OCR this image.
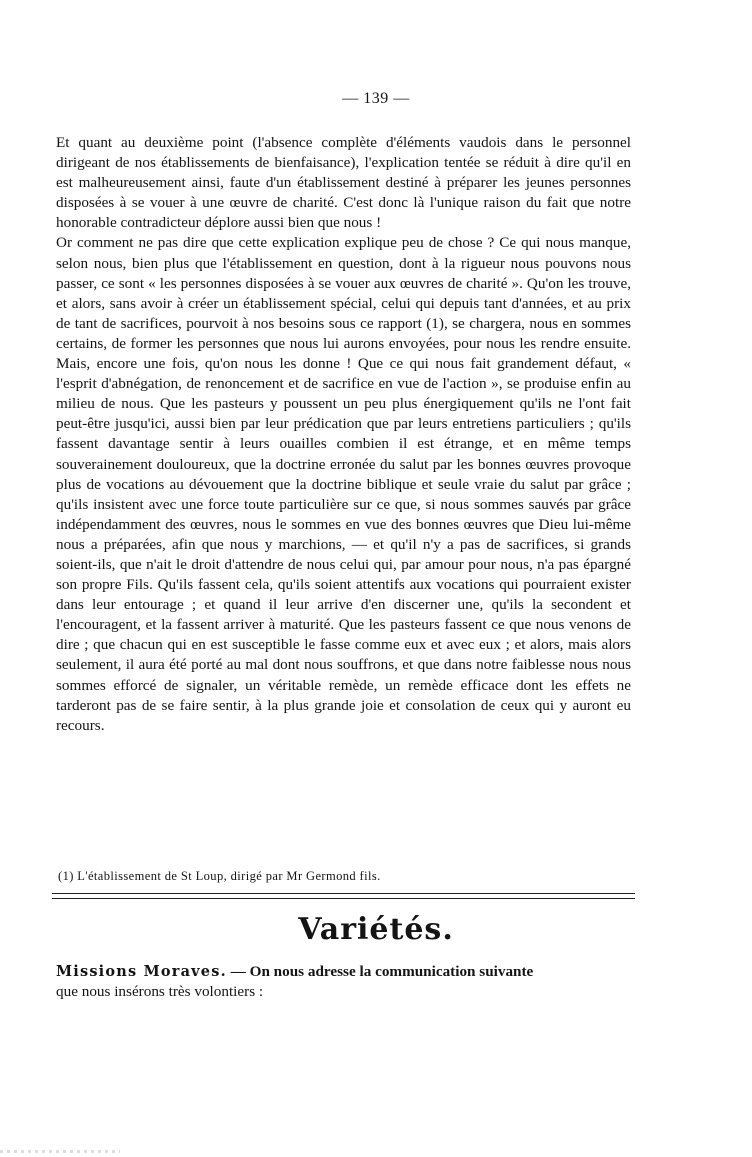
— 139 —

Et quant au deuxième point (l'absence complète d'éléments vaudois dans le personnel dirigeant de nos établissements de bienfaisance), l'explication tentée se réduit à dire qu'il en est malheureusement ainsi, faute d'un établissement destiné à préparer les jeunes personnes disposées à se vouer à une œuvre de charité. C'est donc là l'unique raison du fait que notre honorable contradicteur déplore aussi bien que nous !

Or comment ne pas dire que cette explication explique peu de chose ? Ce qui nous manque, selon nous, bien plus que l'établissement en question, dont à la rigueur nous pouvons nous passer, ce sont « les personnes disposées à se vouer aux œuvres de charité ». Qu'on les trouve, et alors, sans avoir à créer un établissement spécial, celui qui depuis tant d'années, et au prix de tant de sacrifices, pourvoit à nos besoins sous ce rapport (1), se chargera, nous en sommes certains, de former les personnes que nous lui aurons envoyées, pour nous les rendre ensuite. Mais, encore une fois, qu'on nous les donne ! Que ce qui nous fait grandement défaut, « l'esprit d'abnégation, de renoncement et de sacrifice en vue de l'action », se produise enfin au milieu de nous. Que les pasteurs y poussent un peu plus énergiquement qu'ils ne l'ont fait peut-être jusqu'ici, aussi bien par leur prédication que par leurs entretiens particuliers ; qu'ils fassent davantage sentir à leurs ouailles combien il est étrange, et en même temps souverainement douloureux, que la doctrine erronée du salut par les bonnes œuvres provoque plus de vocations au dévouement que la doctrine biblique et seule vraie du salut par grâce ; qu'ils insistent avec une force toute particulière sur ce que, si nous sommes sauvés par grâce indépendamment des œuvres, nous le sommes en vue des bonnes œuvres que Dieu lui-même nous a préparées, afin que nous y marchions, — et qu'il n'y a pas de sacrifices, si grands soient-ils, que n'ait le droit d'attendre de nous celui qui, par amour pour nous, n'a pas épargné son propre Fils. Qu'ils fassent cela, qu'ils soient attentifs aux vocations qui pourraient exister dans leur entourage ; et quand il leur arrive d'en discerner une, qu'ils la secondent et l'encouragent, et la fassent arriver à maturité. Que les pasteurs fassent ce que nous venons de dire ; que chacun qui en est susceptible le fasse comme eux et avec eux ; et alors, mais alors seulement, il aura été porté au mal dont nous souffrons, et que dans notre faiblesse nous nous sommes efforcé de signaler, un véritable remède, un remède efficace dont les effets ne tarderont pas de se faire sentir, à la plus grande joie et consolation de ceux qui y auront eu recours.

(1) L'établissement de St Loup, dirigé par Mr Germond fils.
Variétés.
Missions Moraves. — On nous adresse la communication suivante
que nous insérons très volontiers :
